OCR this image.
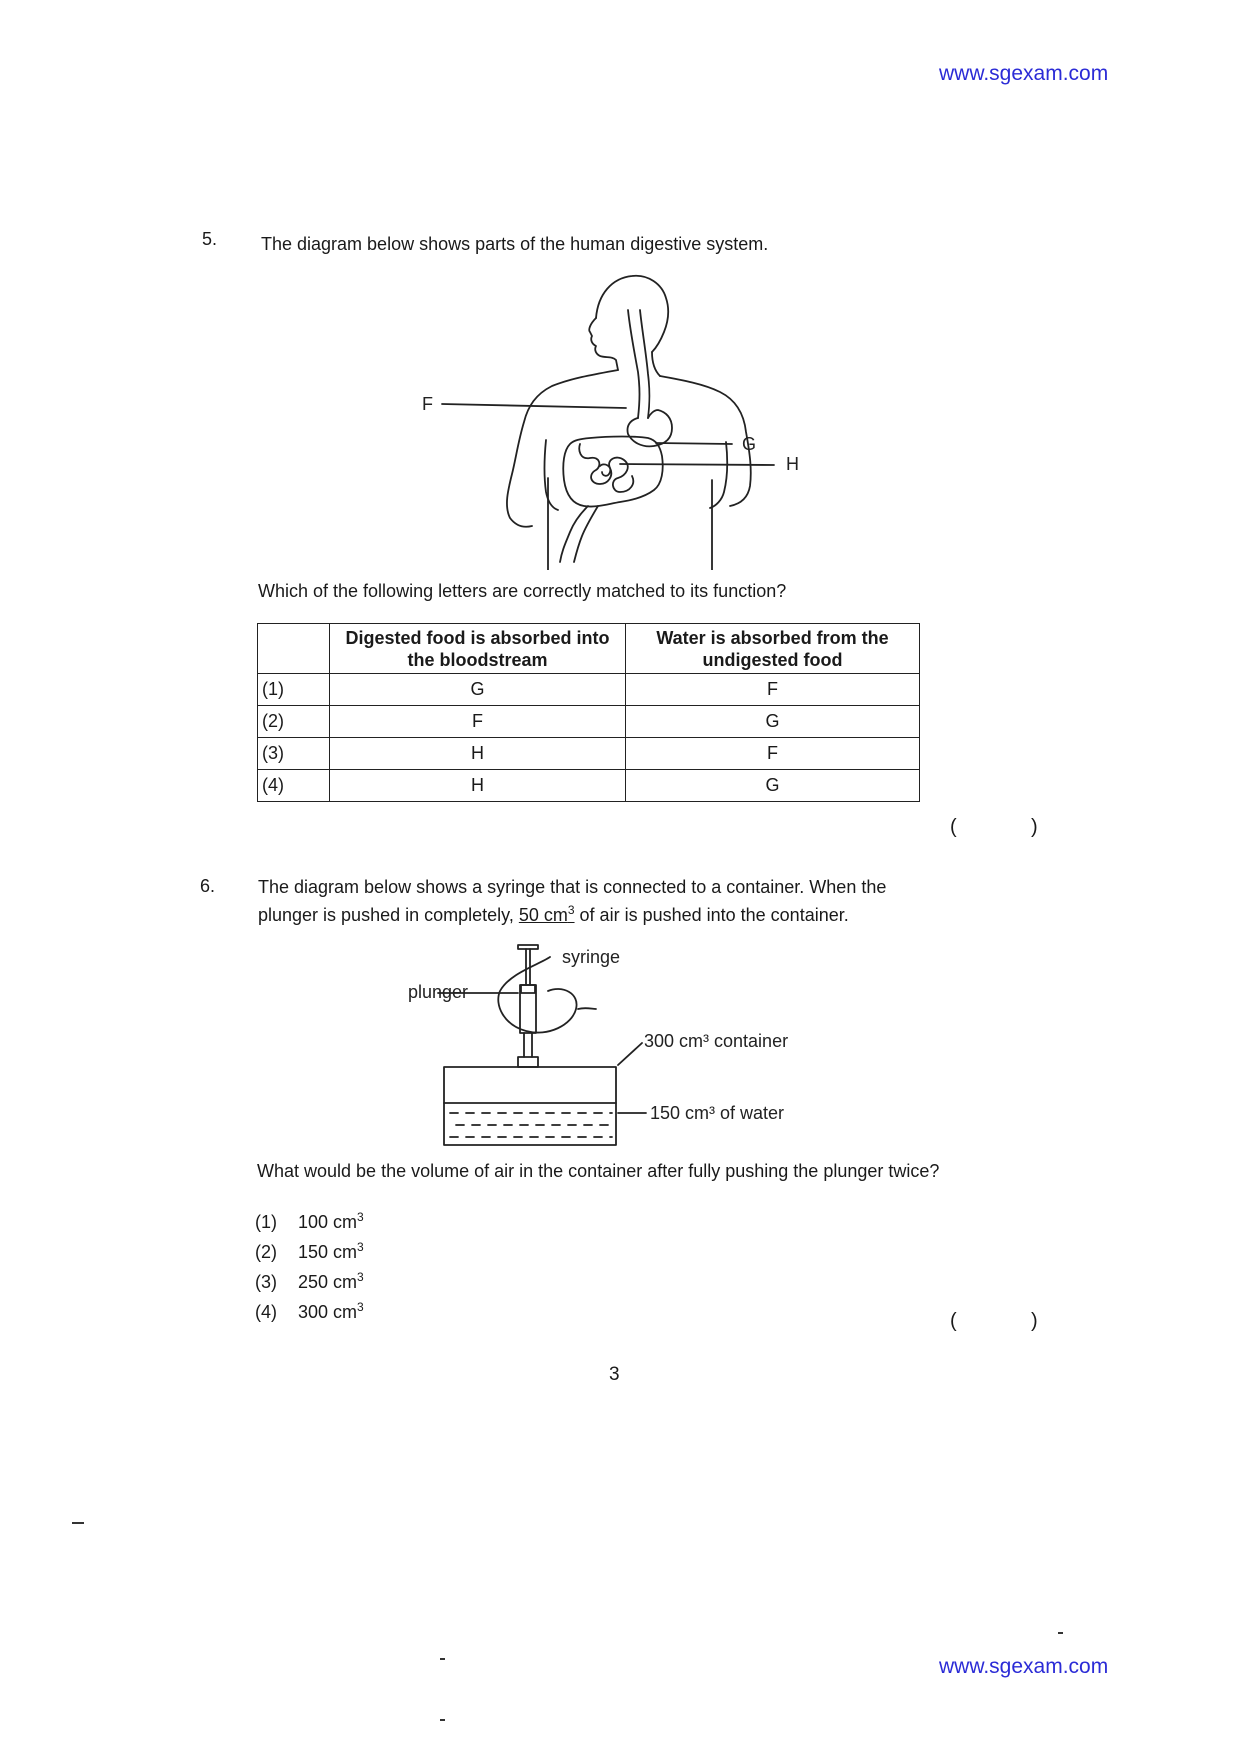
www.sgexam.com
5. The diagram below shows parts of the human digestive system.
F
G
H
Which of the following letters are correctly matched to its function?
	Digested food is absorbed into the bloodstream	Water is absorbed from the undigested food
(1)	G	F
(2)	F	G
(3)	H	F
(4)	H	G
(	)
6. The diagram below shows a syringe that is connected to a container. When the
plunger is pushed in completely, 50 $cm^3$ of air is pushed into the container.
syringe
plunger
300 cm³ container
150 cm³ of water
What would be the volume of air in the container after fully pushing the plunger twice?
(1) 100 $cm^3$
(2) 150 $cm^3$
(3) 250 $cm^3$
(4) 300 $cm^3$
(	)
3
www.sgexam.com
